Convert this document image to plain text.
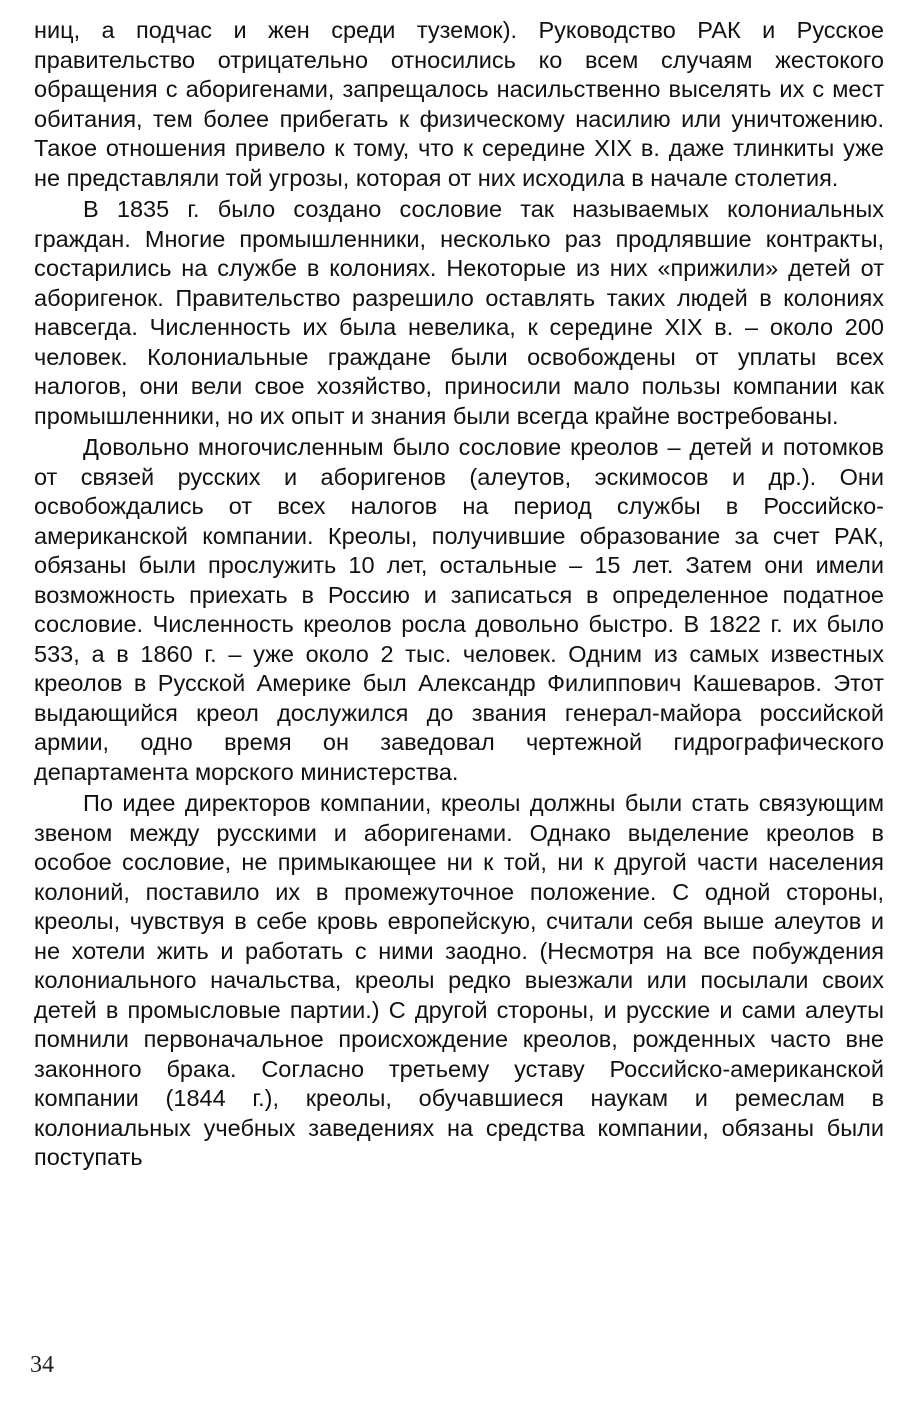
ниц, а подчас и жен среди туземок). Руководство РАК и Русское правительство отрицательно относились ко всем случаям жестокого обращения с аборигенами, запрещалось насильственно выселять их с мест обитания, тем более прибегать к физическому насилию или уничтожению. Такое отношения привело к тому, что к середине XIX в. даже тлинкиты уже не представляли той угрозы, которая от них исходила в начале столетия.

В 1835 г. было создано сословие так называемых колониальных граждан. Многие промышленники, несколько раз продлявшие контракты, состарились на службе в колониях. Некоторые из них «прижили» детей от аборигенок. Правительство разрешило оставлять таких людей в колониях навсегда. Численность их была невелика, к середине XIX в. – около 200 человек. Колониальные граждане были освобождены от уплаты всех налогов, они вели свое хозяйство, приносили мало пользы компании как промышленники, но их опыт и знания были всегда крайне востребованы.

Довольно многочисленным было сословие креолов – детей и потомков от связей русских и аборигенов (алеутов, эскимосов и др.). Они освобождались от всех налогов на период службы в Российско-американской компании. Креолы, получившие образование за счет РАК, обязаны были прослужить 10 лет, остальные – 15 лет. Затем они имели возможность приехать в Россию и записаться в определенное податное сословие. Численность креолов росла довольно быстро. В 1822 г. их было 533, а в 1860 г. – уже около 2 тыс. человек. Одним из самых известных креолов в Русской Америке был Александр Филиппович Кашеваров. Этот выдающийся креол дослужился до звания генерал-майора российской армии, одно время он заведовал чертежной гидрографического департамента морского министерства.

По идее директоров компании, креолы должны были стать связующим звеном между русскими и аборигенами. Однако выделение креолов в особое сословие, не примыкающее ни к той, ни к другой части населения колоний, поставило их в промежуточное положение. С одной стороны, креолы, чувствуя в себе кровь европейскую, считали себя выше алеутов и не хотели жить и работать с ними заодно. (Несмотря на все побуждения колониального начальства, креолы редко выезжали или посылали своих детей в промысловые партии.) С другой стороны, и русские и сами алеуты помнили первоначальное происхождение креолов, рожденных часто вне законного брака. Согласно третьему уставу Российско-американской компании (1844 г.), креолы, обучавшиеся наукам и ремеслам в колониальных учебных заведениях на средства компании, обязаны были поступать

34
